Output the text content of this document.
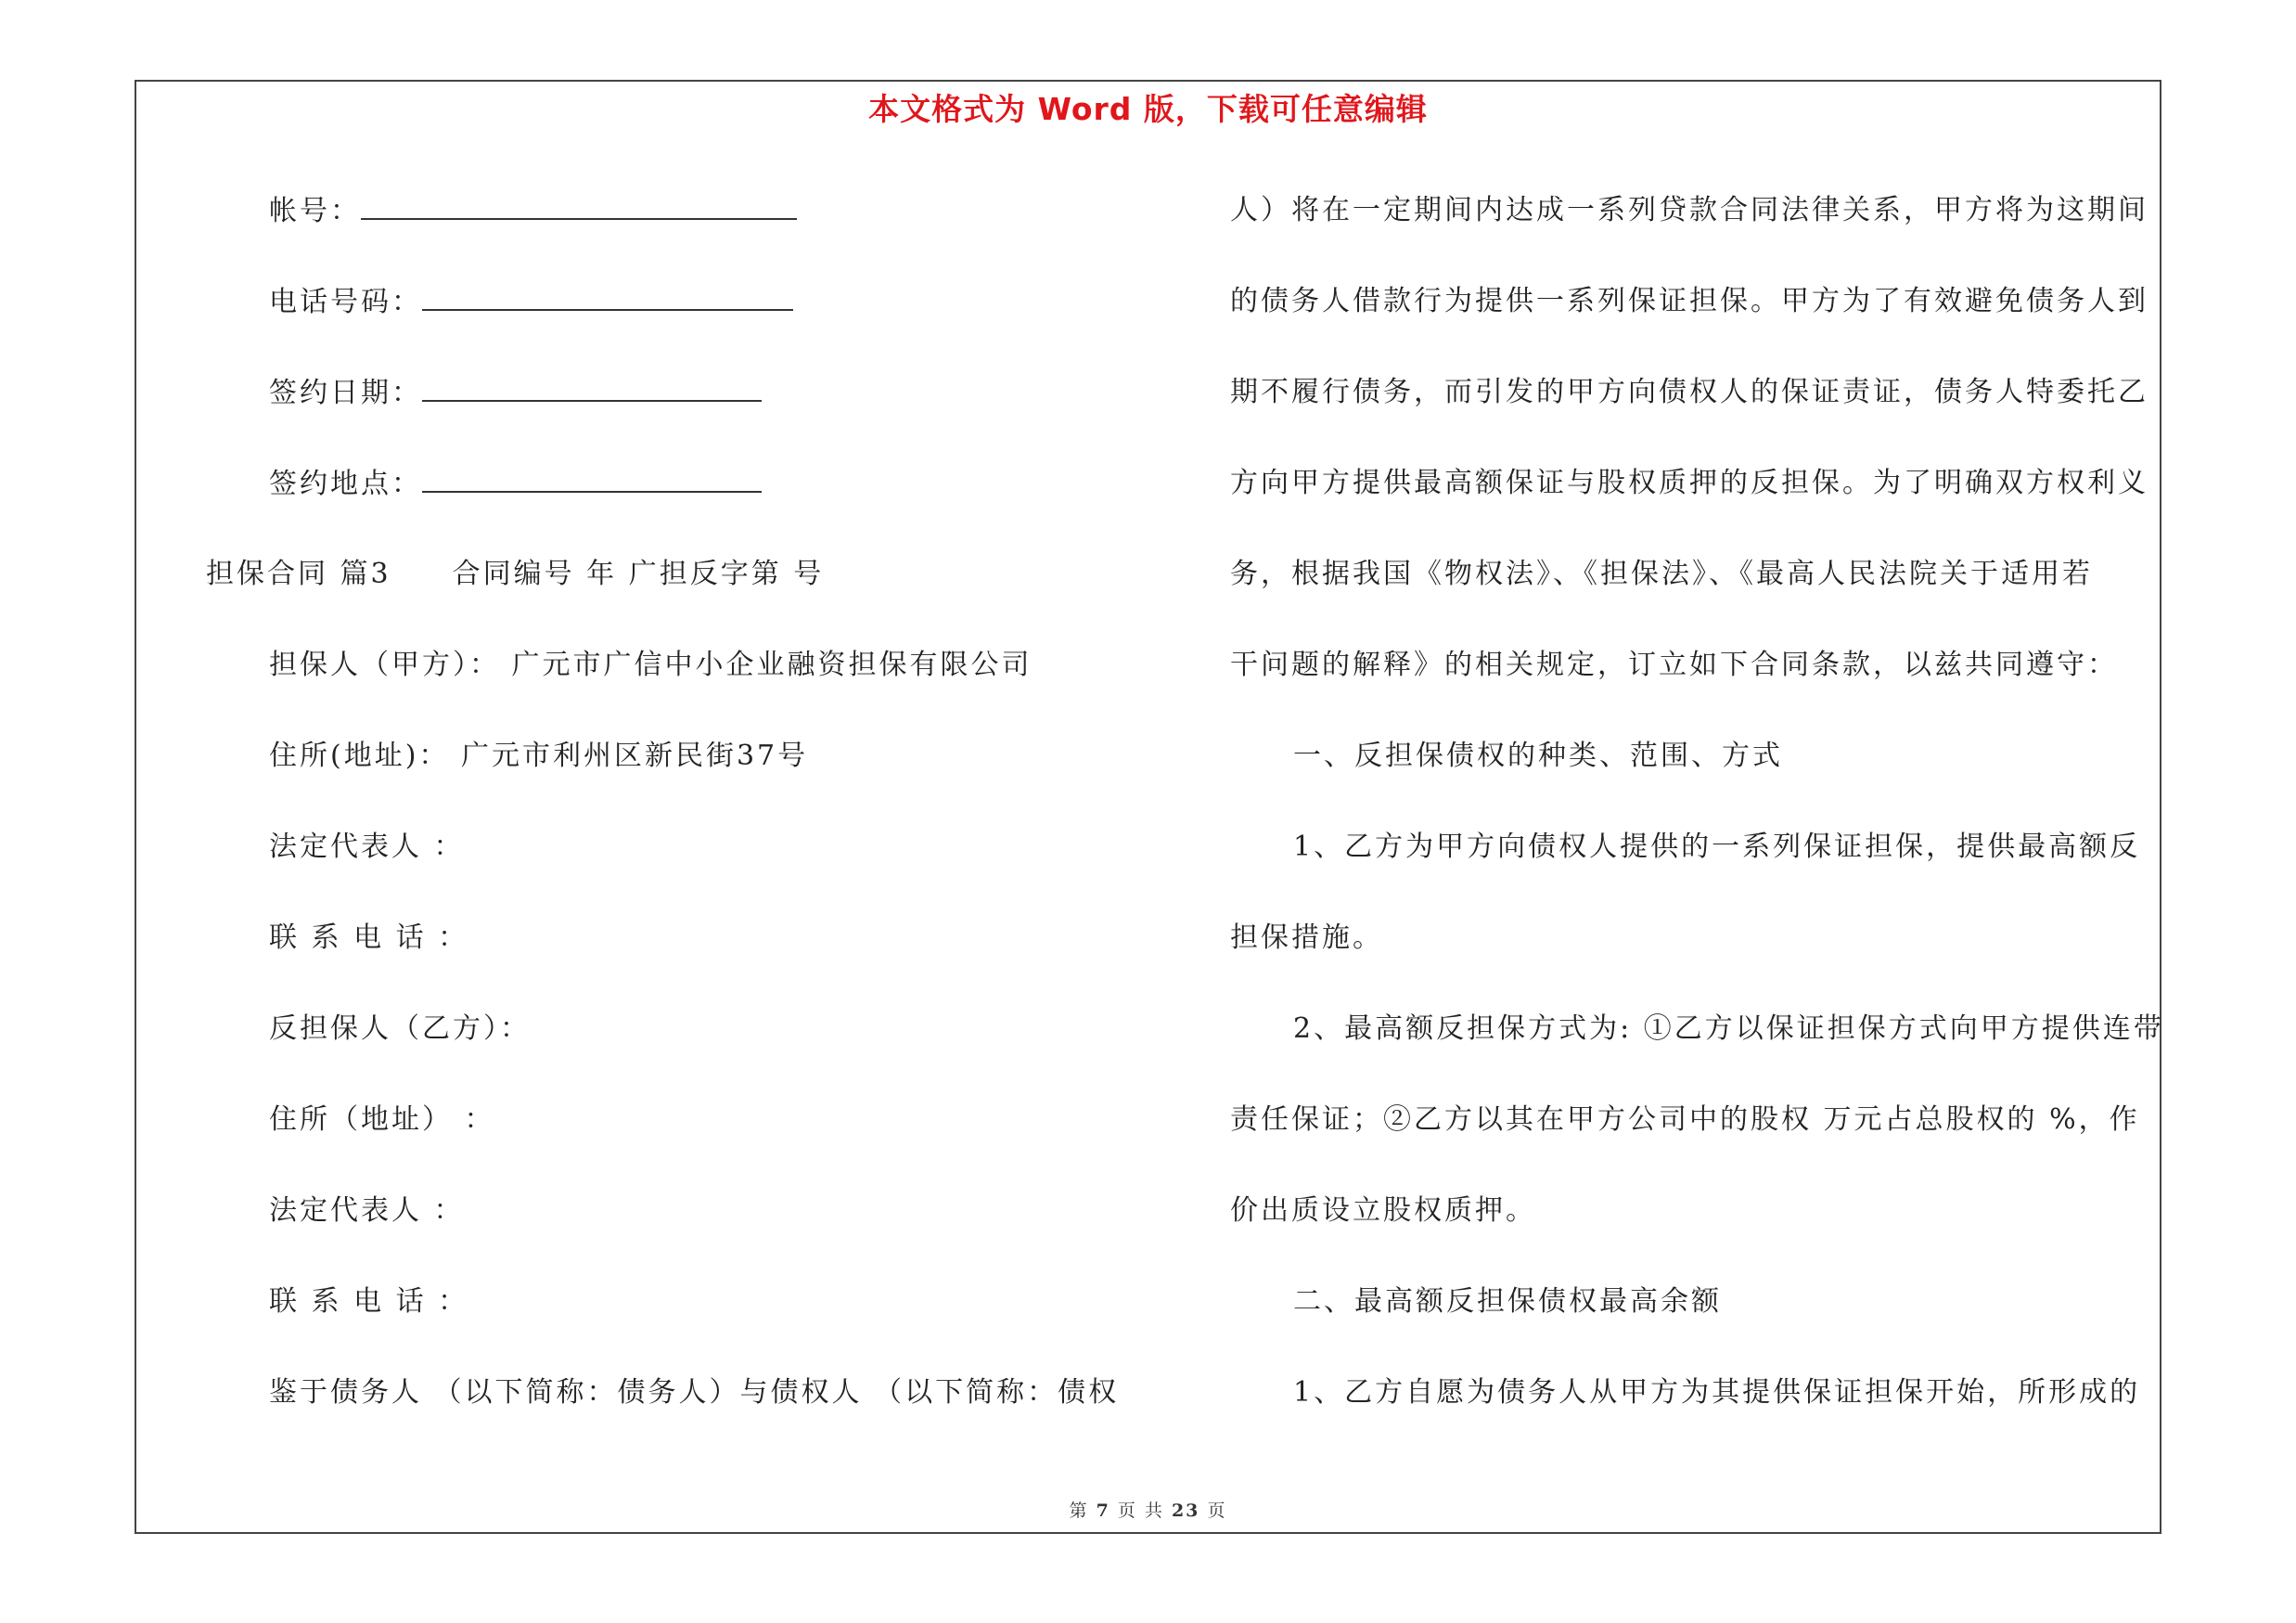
本文格式为 Word 版，下载可任意编辑
帐号：
电话号码：
签约日期：
签约地点：
担保合同 篇3 合同编号 年 广担反字第 号
担保人（甲方）： 广元市广信中小企业融资担保有限公司
住所(地址)： 广元市利州区新民街37号
法定代表人 ：
联 系 电 话 ：
反担保人（乙方）：
住所（地址） ：
法定代表人 ：
联 系 电 话 ：
鉴于债务人 （以下简称：债务人）与债权人 （以下简称：债权
人）将在一定期间内达成一系列贷款合同法律关系，甲方将为这期间
的债务人借款行为提供一系列保证担保。甲方为了有效避免债务人到
期不履行债务，而引发的甲方向债权人的保证责证，债务人特委托乙
方向甲方提供最高额保证与股权质押的反担保。为了明确双方权利义
务，根据我国《物权法》、《担保法》、《最高人民法院关于适用若
干问题的解释》的相关规定，订立如下合同条款，以兹共同遵守：
一、反担保债权的种类、范围、方式
1、乙方为甲方向债权人提供的一系列保证担保，提供最高额反
担保措施。
2、最高额反担保方式为: ①乙方以保证担保方式向甲方提供连带
责任保证；②乙方以其在甲方公司中的股权 万元占总股权的 %，作
价出质设立股权质押。
二、最高额反担保债权最高余额
1、乙方自愿为债务人从甲方为其提供保证担保开始，所形成的
第 7 页 共 23 页
